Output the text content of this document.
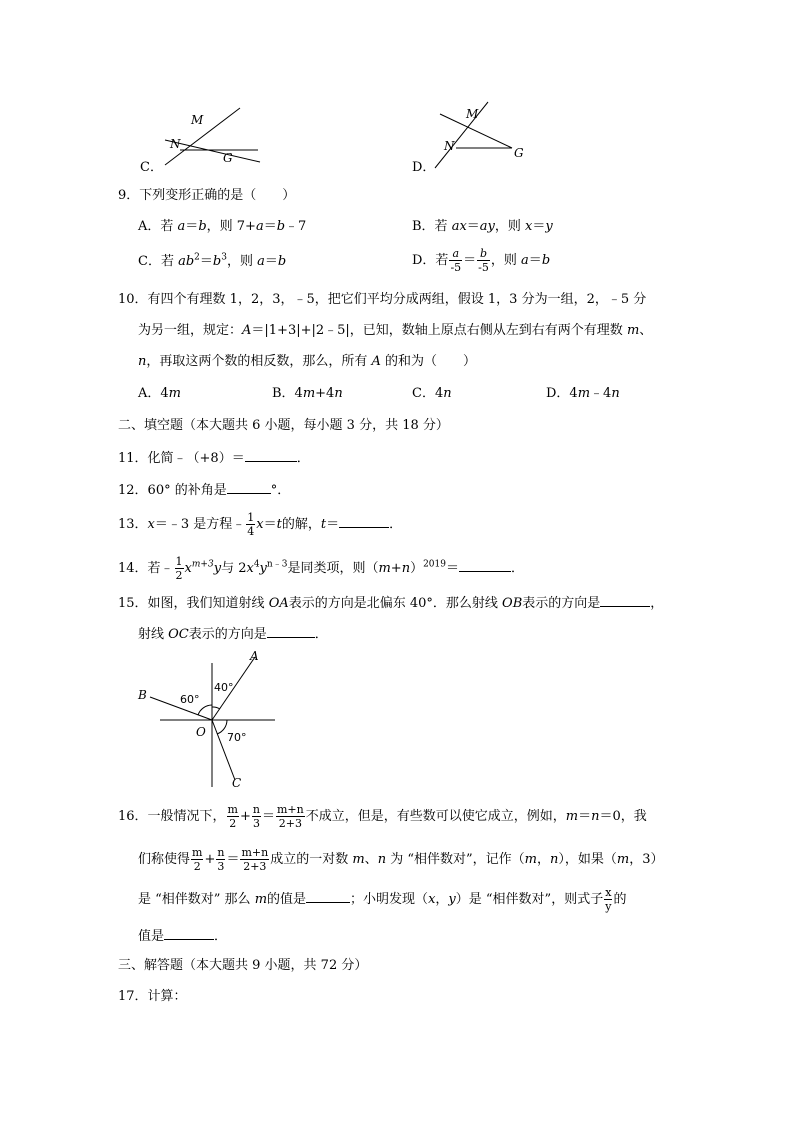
C．
M
N
G
D．
M
N	G
9．下列变形正确的是（　　）
A．若 a＝b，则 7+a＝b﹣7	B．若 ax＝ay，则 x＝y
C．若 $ab^2=b^3$，则 a＝b	D．若 $\frac{a}{-5} = \frac{b}{-5}$ ，则 a＝b
10．有四个有理数 1，2，3，﹣5，把它们平均分成两组，假设 1，3 分为一组，2，﹣5 分
为另一组，规定：A＝|1+3|+|2﹣5|，已知，数轴上原点右侧从左到右有两个有理数 m、
n，再取这两个数的相反数，那么，所有 A 的和为（　　）
A．4m	B．4m+4n	C．4n	D．4m﹣4n
二、填空题（本大题共 6 小题，每小题 3 分，共 18 分）
11．化简﹣（+8）＝	．
12．60° 的补角是	°．
13．x＝﹣3 是方程﹣ $\frac{1}{4} x=t$的解，t＝	．
14．若﹣ $\frac{1}{2} x^{m+3}y$与 $2x^4y^{n﹣3}$是同类项，则$(m+n)^{2019}=$	．
15．如图，我们知道射线 OA表示的方向是北偏东 40°．那么射线 OB表示的方向是	，
射线 OC表示的方向是	．
A
B
C
O
40°
60°
70°
16．一般情况下， $\frac{m}{2} + \frac{n}{3} = \frac{m+n}{2+3}$ 不成立，但是，有些数可以使它成立，例如，m＝n＝0，我
们称使得 $\frac{m}{2} + \frac{n}{3} = \frac{m+n}{2+3}$ 成立的一对数 m、n 为 “相伴数对”，记作（m，n），如果（m，3）
是 “相伴数对” 那么 m的值是	；小明发现（x，y）是 “相伴数对”，则式子 $\frac{x}{y}$ 的
值是	．
三、解答题（本大题共 9 小题，共 72 分）
17．计算：
